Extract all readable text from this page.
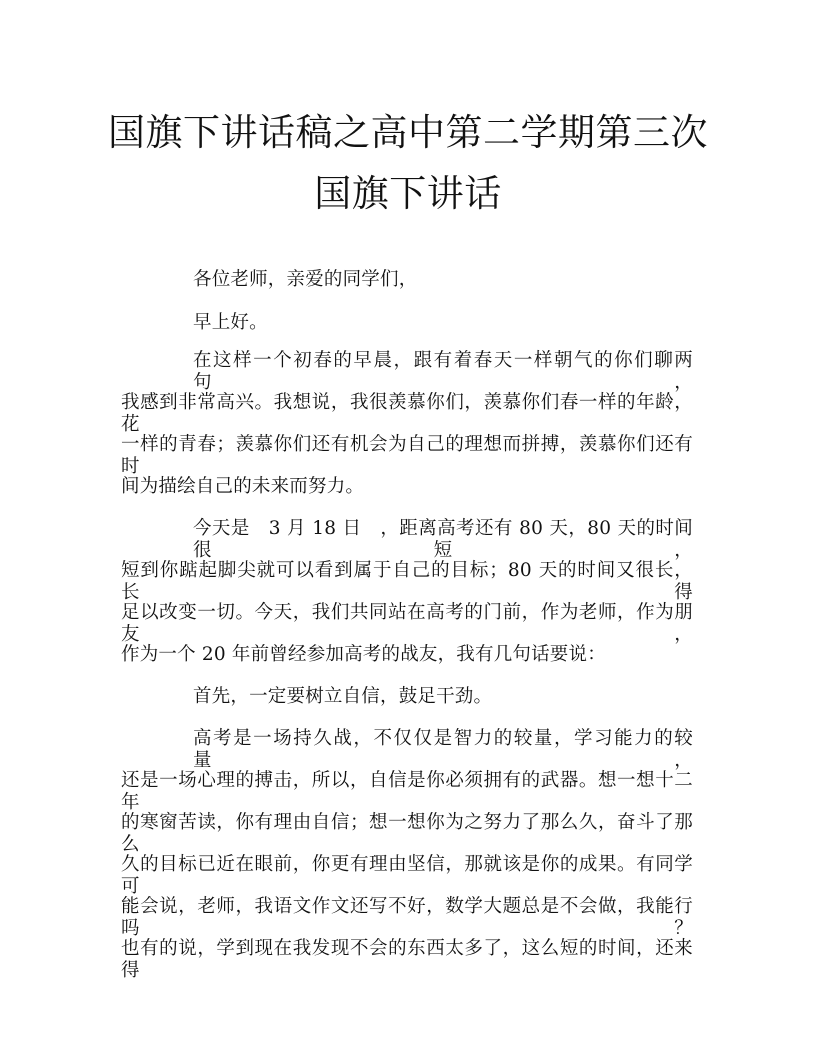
国旗下讲话稿之高中第二学期第三次
国旗下讲话
各位老师，亲爱的同学们，
早上好。
在这样一个初春的早晨，跟有着春天一样朝气的你们聊两句，
我感到非常高兴。我想说，我很羡慕你们，羡慕你们春一样的年龄，花
一样的青春；羡慕你们还有机会为自己的理想而拼搏，羡慕你们还有时
间为描绘自己的未来而努力。
今天是　3 月 18 日　，距离高考还有 80 天，80 天的时间很短，
短到你踮起脚尖就可以看到属于自己的目标；80 天的时间又很长，长得
足以改变一切。今天，我们共同站在高考的门前，作为老师，作为朋友，
作为一个 20 年前曾经参加高考的战友，我有几句话要说：
首先，一定要树立自信，鼓足干劲。
高考是一场持久战，不仅仅是智力的较量，学习能力的较量，
还是一场心理的搏击，所以，自信是你必须拥有的武器。想一想十二年
的寒窗苦读，你有理由自信；想一想你为之努力了那么久，奋斗了那么
久的目标已近在眼前，你更有理由坚信，那就该是你的成果。有同学可
能会说，老师，我语文作文还写不好，数学大题总是不会做，我能行吗？
也有的说，学到现在我发现不会的东西太多了，这么短的时间，还来得
